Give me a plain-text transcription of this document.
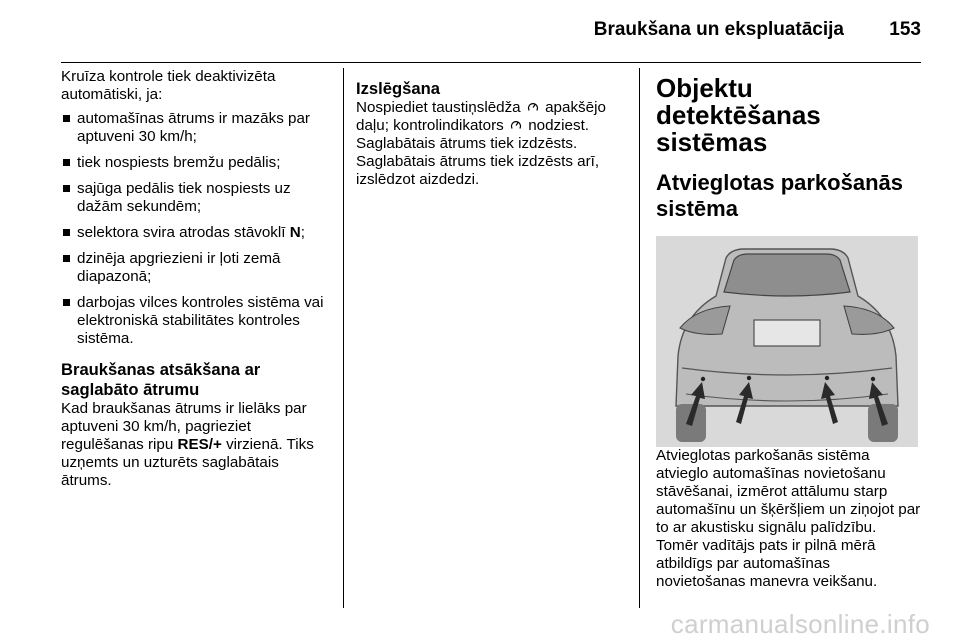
Braukšana un ekspluatācija 153

Kruīza kontrole tiek deaktivizēta automātiski, ja:

automašīnas ātrums ir mazāks par aptuveni 30 km/h;
tiek nospiests bremžu pedālis;
sajūga pedālis tiek nospiests uz dažām sekundēm;
selektora svira atrodas stāvoklī N;
dzinēja apgriezieni ir ļoti zemā diapazonā;
darbojas vilces kontroles sistēma vai elektroniskā stabilitātes kontroles sistēma.
Braukšanas atsākšana ar saglabāto ātrumu

Kad braukšanas ātrums ir lielāks par aptuveni 30 km/h, pagrieziet regulēšanas ripu RES/+ virzienā. Tiks uzņemts un uzturēts saglabātais ātrums.

Izslēgšana

Nospiediet taustiņslēdža apakšējo daļu; kontrolindikators nodziest. Saglabātais ātrums tiek izdzēsts. Saglabātais ātrums tiek izdzēsts arī, izslēdzot aizdedzi.

Objektu detektēšanas sistēmas
Atvieglotas parkošanās sistēma

Atvieglotas parkošanās sistēma atvieglo automašīnas novietošanu stāvēšanai, izmērot attālumu starp automašīnu un šķēršļiem un ziņojot par to ar akustisku signālu palīdzību. Tomēr vadītājs pats ir pilnā mērā atbildīgs par automašīnas novietošanas manevra veikšanu.

carmanualsonline.info
